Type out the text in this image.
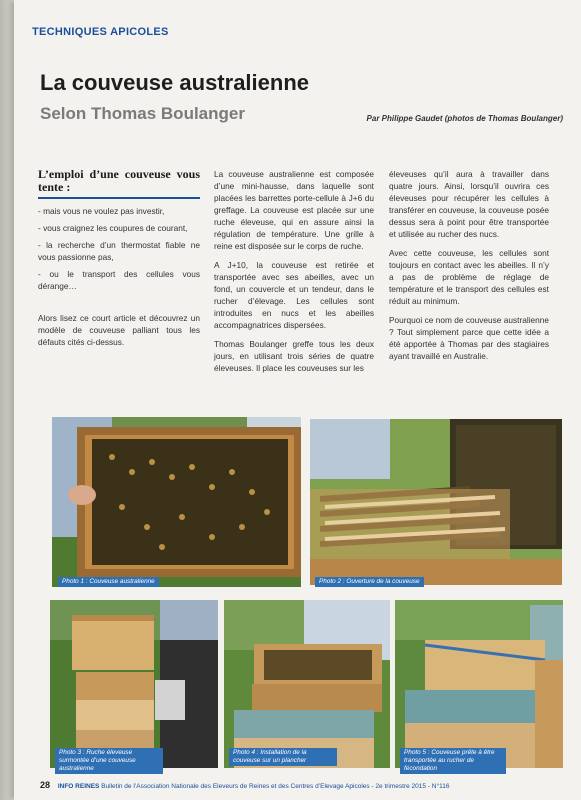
TECHNIQUES APICOLES
La couveuse australienne
Selon Thomas Boulanger	Par Philippe Gaudet (photos de Thomas Boulanger)
L’emploi d’une couveuse vous tente :
- mais vous ne voulez pas investir,
- vous craignez les coupures de courant,
- la recherche d’un thermostat fiable ne vous passionne pas,
- ou le transport des cellules vous dérange…

Alors lisez ce court article et découvrez un modèle de couveuse palliant tous les défauts cités ci-dessus.

La couveuse australienne est composée d’une mini-hausse, dans laquelle sont placées les barrettes porte-cellule à J+6 du greffage. La couveuse est placée sur une ruche éleveuse, qui en assure ainsi la régulation de température. Une grille à reine est disposée sur le corps de ruche.

A J+10, la couveuse est retirée et transportée avec ses abeilles, avec un fond, un couvercle et un tendeur, dans le rucher d’élevage. Les cellules sont introduites en nucs et les abeilles accompagnatrices dispersées.

Thomas Boulanger greffe tous les deux jours, en utilisant trois séries de quatre éleveuses. Il place les couveuses sur les

éleveuses qu’il aura à travailler dans quatre jours. Ainsi, lorsqu’il ouvrira ces éleveuses pour récupérer les cellules à transférer en couveuse, la couveuse posée dessus sera à point pour être transportée et utilisée au rucher des nucs.

Avec cette couveuse, les cellules sont toujours en contact avec les abeilles. Il n’y a pas de problème de réglage de température et le transport des cellules est réduit au minimum.

Pourquoi ce nom de couveuse australienne ? Tout simplement parce que cette idée a été apportée à Thomas par des stagiaires ayant travaillé en Australie.

Photo 1 : Couveuse australienne	Photo 2 : Ouverture de la couveuse
Photo 3 : Ruche éleveuse surmontée d’une couveuse australienne
Photo 4 : Installation de la couveuse sur un plancher
Photo 5 : Couveuse prête à être transportée au rucher de fécondation
28 INFO REINES Bulletin de l’Association Nationale des Eleveurs de Reines et des Centres d’Elevage Apicoles - 2e trimestre 2015 - N°116
